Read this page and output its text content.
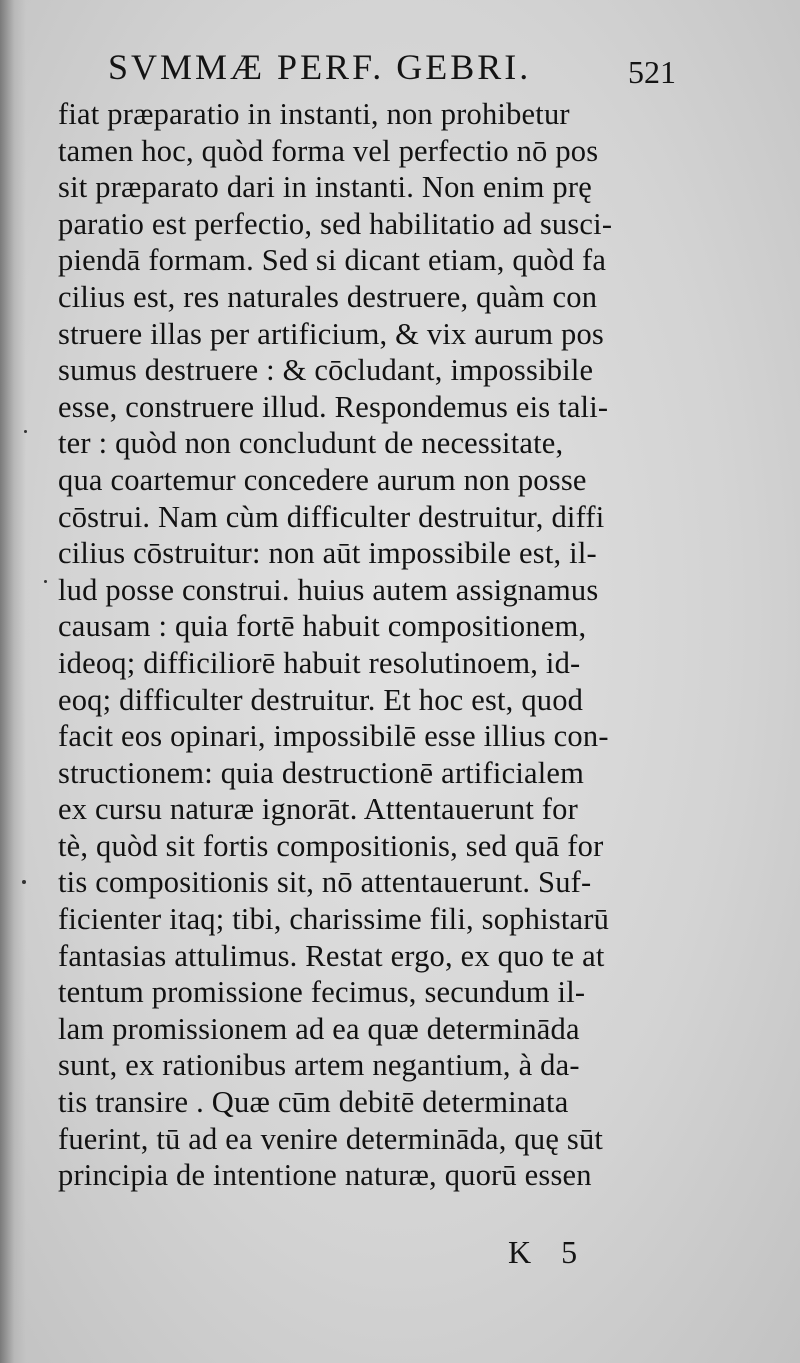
SVMMÆ PERF. GEBRI.	521
fiat præparatio in instanti, non prohibetur
tamen hoc, quòd forma vel perfectio nō pos
sit præparato dari in instanti. Non enim prę
paratio est perfectio, sed habilitatio ad susci-
piendā formam. Sed si dicant etiam, quòd fa
cilius est, res naturales destruere, quàm con
struere illas per artificium, & vix aurum pos
sumus destruere : & cōcludant, impossibile
esse, construere illud. Respondemus eis tali-
ter : quòd non concludunt de necessitate,
qua coartemur concedere aurum non posse
cōstrui. Nam cùm difficulter destruitur, diffi
cilius cōstruitur: non aūt impossibile est, il-
lud posse construi. huius autem assignamus
causam : quia fortē habuit compositionem,
ideoq; difficiliorē habuit resolutinoem, id-
eoq; difficulter destruitur. Et hoc est, quod
facit eos opinari, impossibilē esse illius con-
structionem: quia destructionē artificialem
ex cursu naturæ ignorāt. Attentauerunt for
tè, quòd sit fortis compositionis, sed quā for
tis compositionis sit, nō attentauerunt. Suf-
ficienter itaq; tibi, charissime fili, sophistarū
fantasias attulimus. Restat ergo, ex quo te at
tentum promissione fecimus, secundum il-
lam promissionem ad ea quæ determināda
sunt, ex rationibus artem negantium, à da-
tis transire . Quæ cūm debitē determinata
fuerint, tū ad ea venire determināda, quę sūt
principia de intentione naturæ, quorū essen
K 5
